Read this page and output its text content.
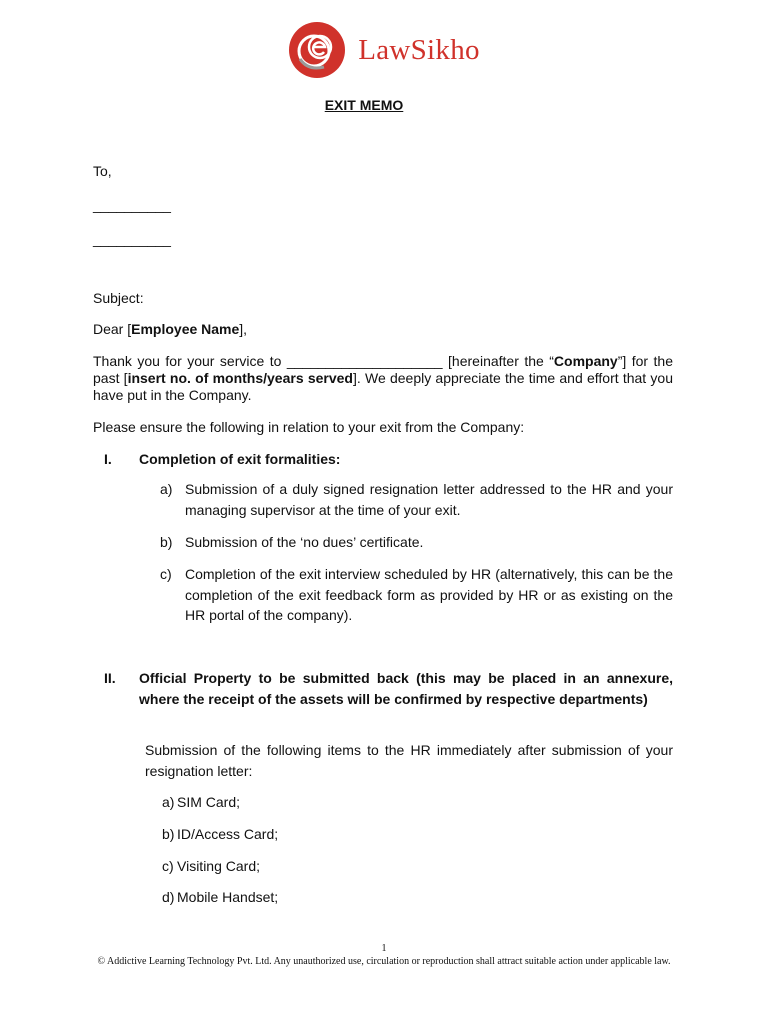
LawSikho
EXIT MEMO
To,
__________
__________
Subject:
Dear [Employee Name],
Thank you for your service to ____________________ [hereinafter the “Company”] for the past [insert no. of months/years served]. We deeply appreciate the time and effort that you have put in the Company.
Please ensure the following in relation to your exit from the Company:
I. Completion of exit formalities:
a) Submission of a duly signed resignation letter addressed to the HR and your managing supervisor at the time of your exit.
b) Submission of the ‘no dues’ certificate.
c) Completion of the exit interview scheduled by HR (alternatively, this can be the completion of the exit feedback form as provided by HR or as existing on the HR portal of the company).
II. Official Property to be submitted back (this may be placed in an annexure, where the receipt of the assets will be confirmed by respective departments)
Submission of the following items to the HR immediately after submission of your resignation letter:
a) SIM Card;
b) ID/Access Card;
c) Visiting Card;
d) Mobile Handset;
1
© Addictive Learning Technology Pvt. Ltd. Any unauthorized use, circulation or reproduction shall attract suitable action under applicable law.
